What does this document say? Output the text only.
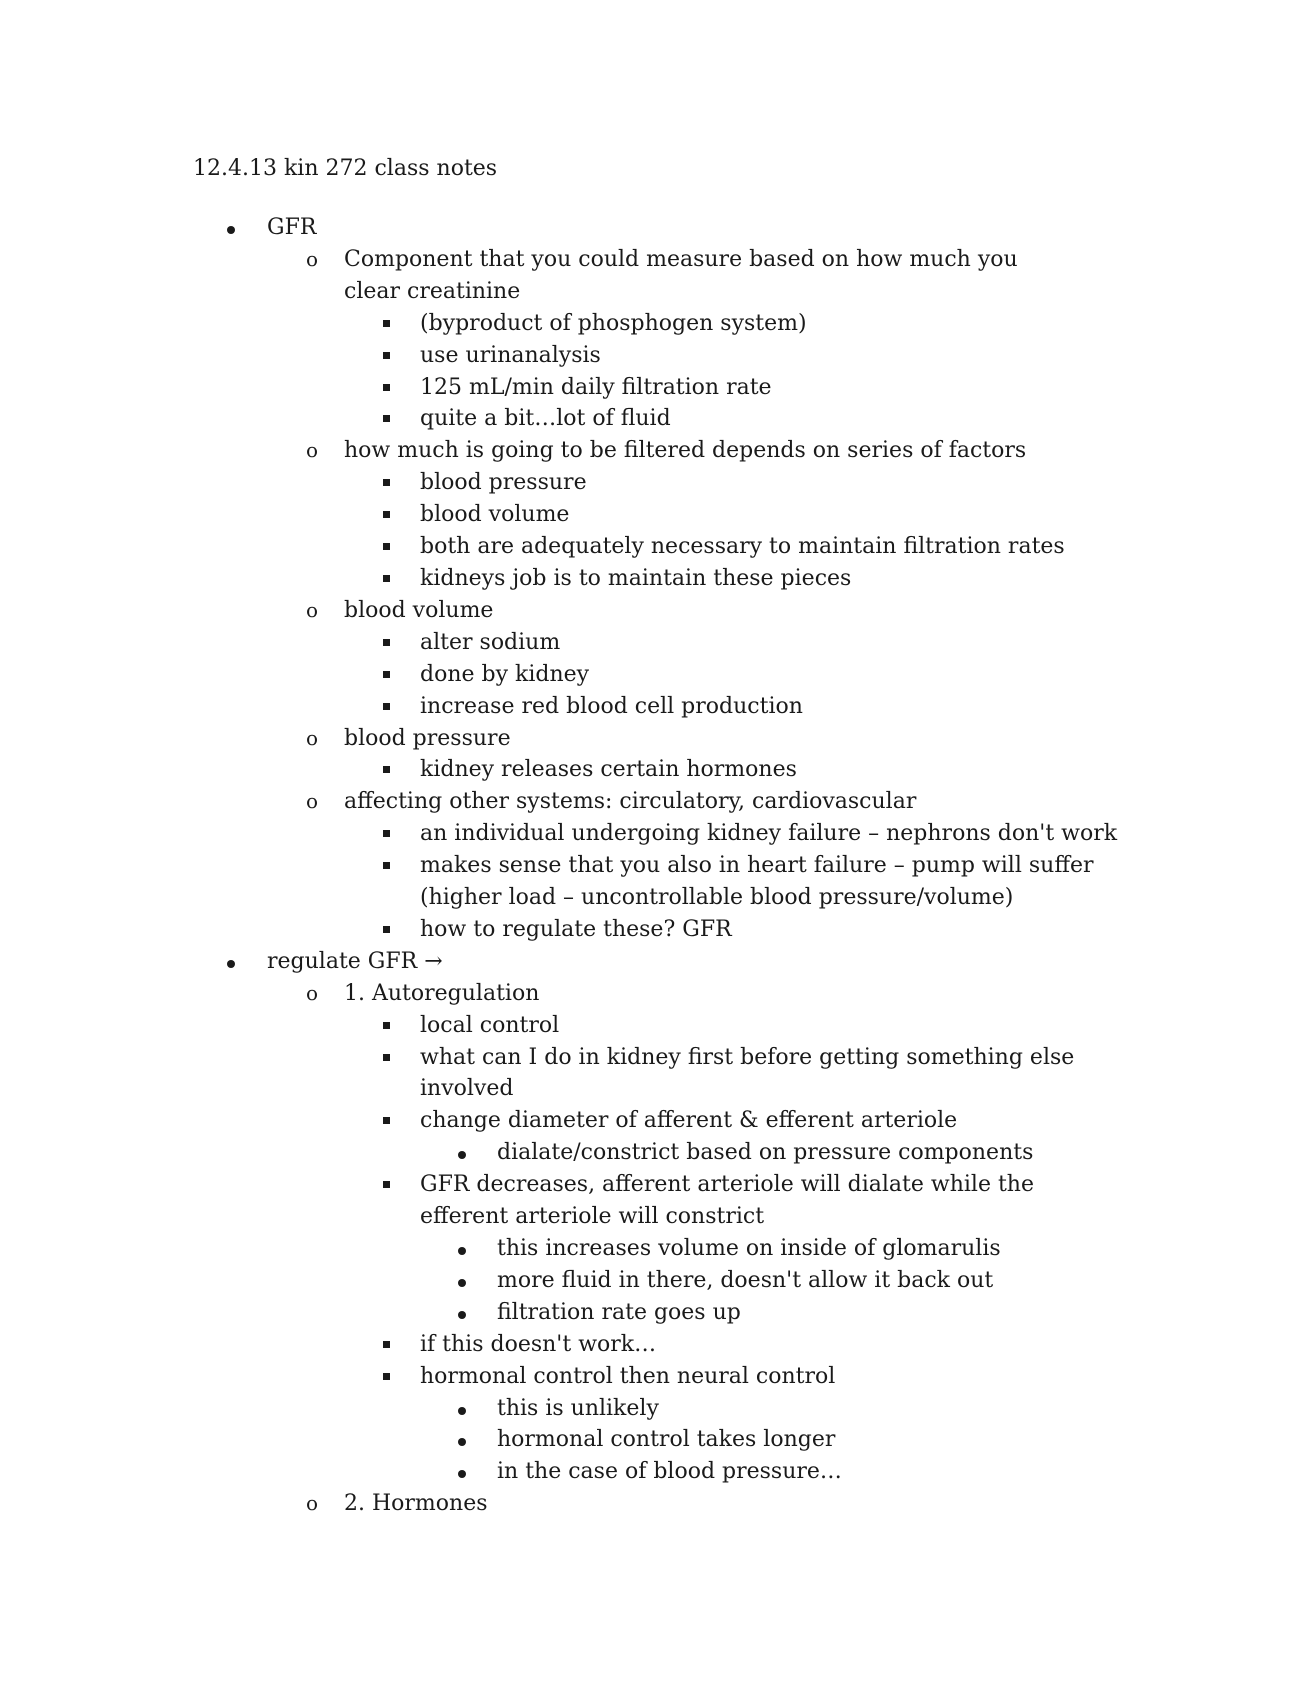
12.4.13 kin 272 class notes
GFR
o Component that you could measure based on how much you clear creatinine
(byproduct of phosphogen system)
use urinanalysis
125 mL/min daily filtration rate
quite a bit…lot of fluid
o how much is going to be filtered depends on series of factors
blood pressure
blood volume
both are adequately necessary to maintain filtration rates
kidneys job is to maintain these pieces
o blood volume
alter sodium
done by kidney
increase red blood cell production
o blood pressure
kidney releases certain hormones
o affecting other systems: circulatory, cardiovascular
an individual undergoing kidney failure – nephrons don't work
makes sense that you also in heart failure – pump will suffer (higher load – uncontrollable blood pressure/volume)
how to regulate these? GFR
regulate GFR →
o 1. Autoregulation
local control
what can I do in kidney first before getting something else involved
change diameter of afferent & efferent arteriole
dialate/constrict based on pressure components
GFR decreases, afferent arteriole will dialate while the efferent arteriole will constrict
this increases volume on inside of glomarulis
more fluid in there, doesn't allow it back out
filtration rate goes up
if this doesn't work…
hormonal control then neural control
this is unlikely
hormonal control takes longer
in the case of blood pressure…
o 2. Hormones
